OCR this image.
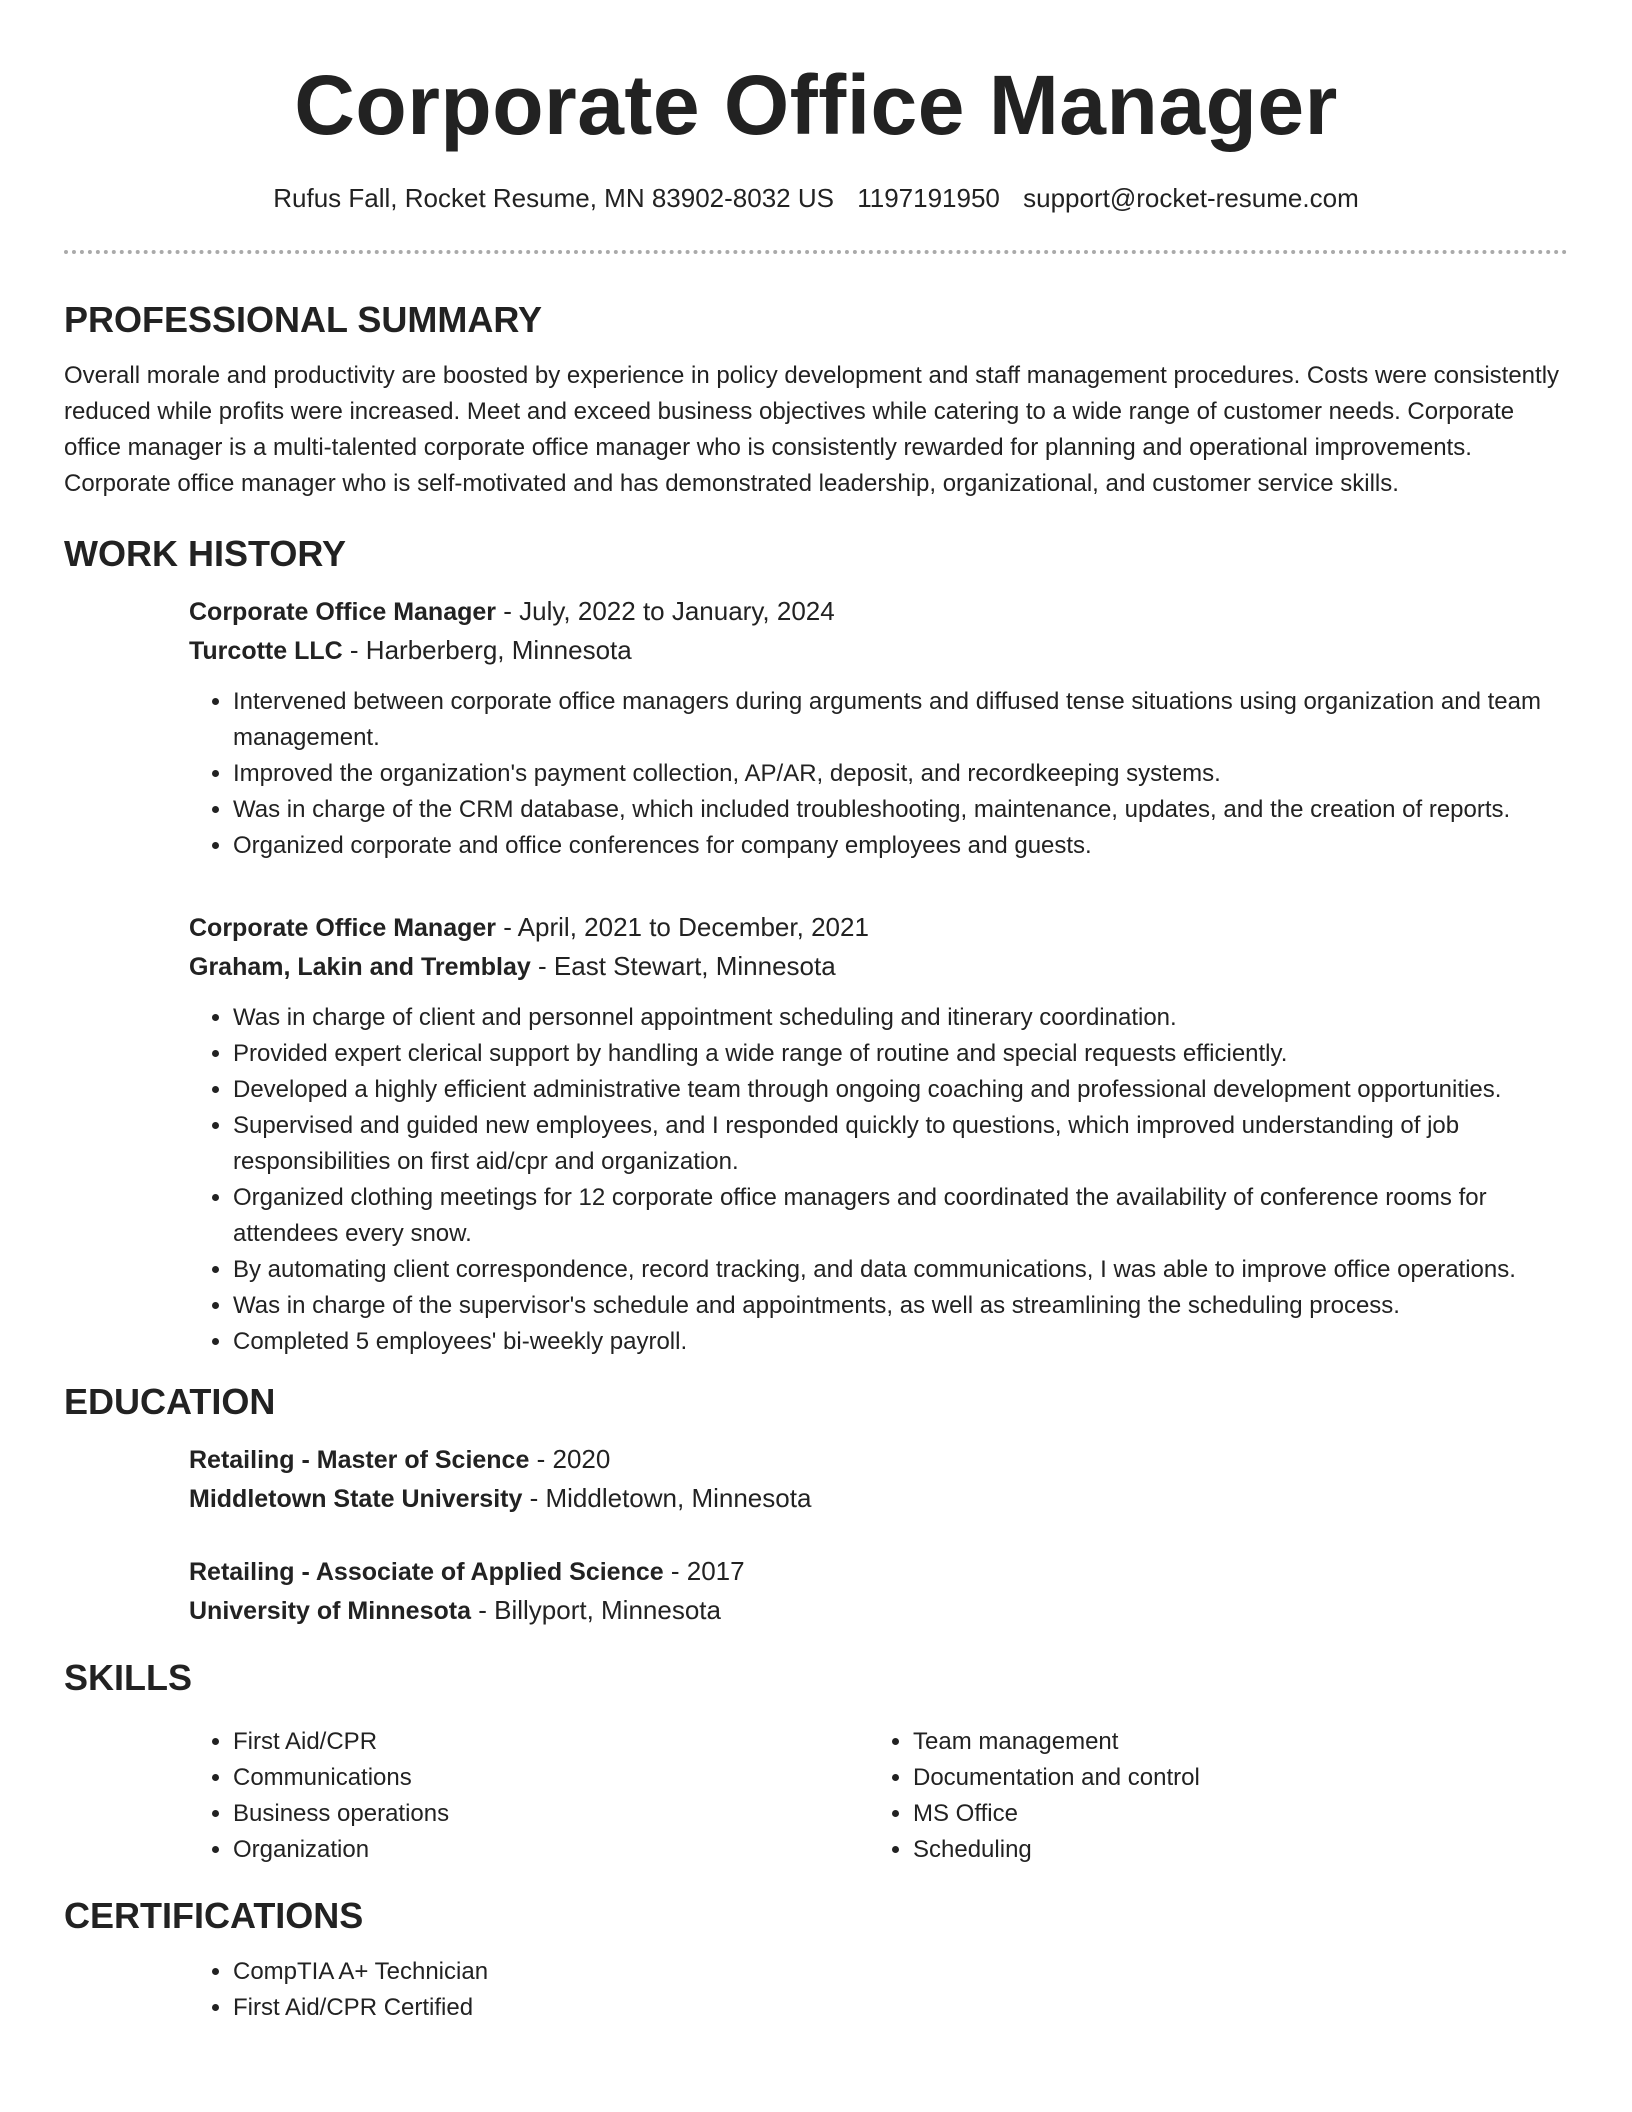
Corporate Office Manager
Rufus Fall, Rocket Resume, MN 83902-8032 US 1197191950 support@rocket-resume.com
PROFESSIONAL SUMMARY
Overall morale and productivity are boosted by experience in policy development and staff management procedures. Costs were consistently reduced while profits were increased. Meet and exceed business objectives while catering to a wide range of customer needs. Corporate office manager is a multi-talented corporate office manager who is consistently rewarded for planning and operational improvements. Corporate office manager who is self-motivated and has demonstrated leadership, organizational, and customer service skills.
WORK HISTORY
Corporate Office Manager - July, 2022 to January, 2024
Turcotte LLC - Harberberg, Minnesota
• Intervened between corporate office managers during arguments and diffused tense situations using organization and team management.
• Improved the organization's payment collection, AP/AR, deposit, and recordkeeping systems.
• Was in charge of the CRM database, which included troubleshooting, maintenance, updates, and the creation of reports.
• Organized corporate and office conferences for company employees and guests.
Corporate Office Manager - April, 2021 to December, 2021
Graham, Lakin and Tremblay - East Stewart, Minnesota
• Was in charge of client and personnel appointment scheduling and itinerary coordination.
• Provided expert clerical support by handling a wide range of routine and special requests efficiently.
• Developed a highly efficient administrative team through ongoing coaching and professional development opportunities.
• Supervised and guided new employees, and I responded quickly to questions, which improved understanding of job responsibilities on first aid/cpr and organization.
• Organized clothing meetings for 12 corporate office managers and coordinated the availability of conference rooms for attendees every snow.
• By automating client correspondence, record tracking, and data communications, I was able to improve office operations.
• Was in charge of the supervisor's schedule and appointments, as well as streamlining the scheduling process.
• Completed 5 employees' bi-weekly payroll.
EDUCATION
Retailing - Master of Science - 2020
Middletown State University - Middletown, Minnesota
Retailing - Associate of Applied Science - 2017
University of Minnesota - Billyport, Minnesota
SKILLS
• First Aid/CPR
• Communications
• Business operations
• Organization
• Team management
• Documentation and control
• MS Office
• Scheduling
CERTIFICATIONS
• CompTIA A+ Technician
• First Aid/CPR Certified
